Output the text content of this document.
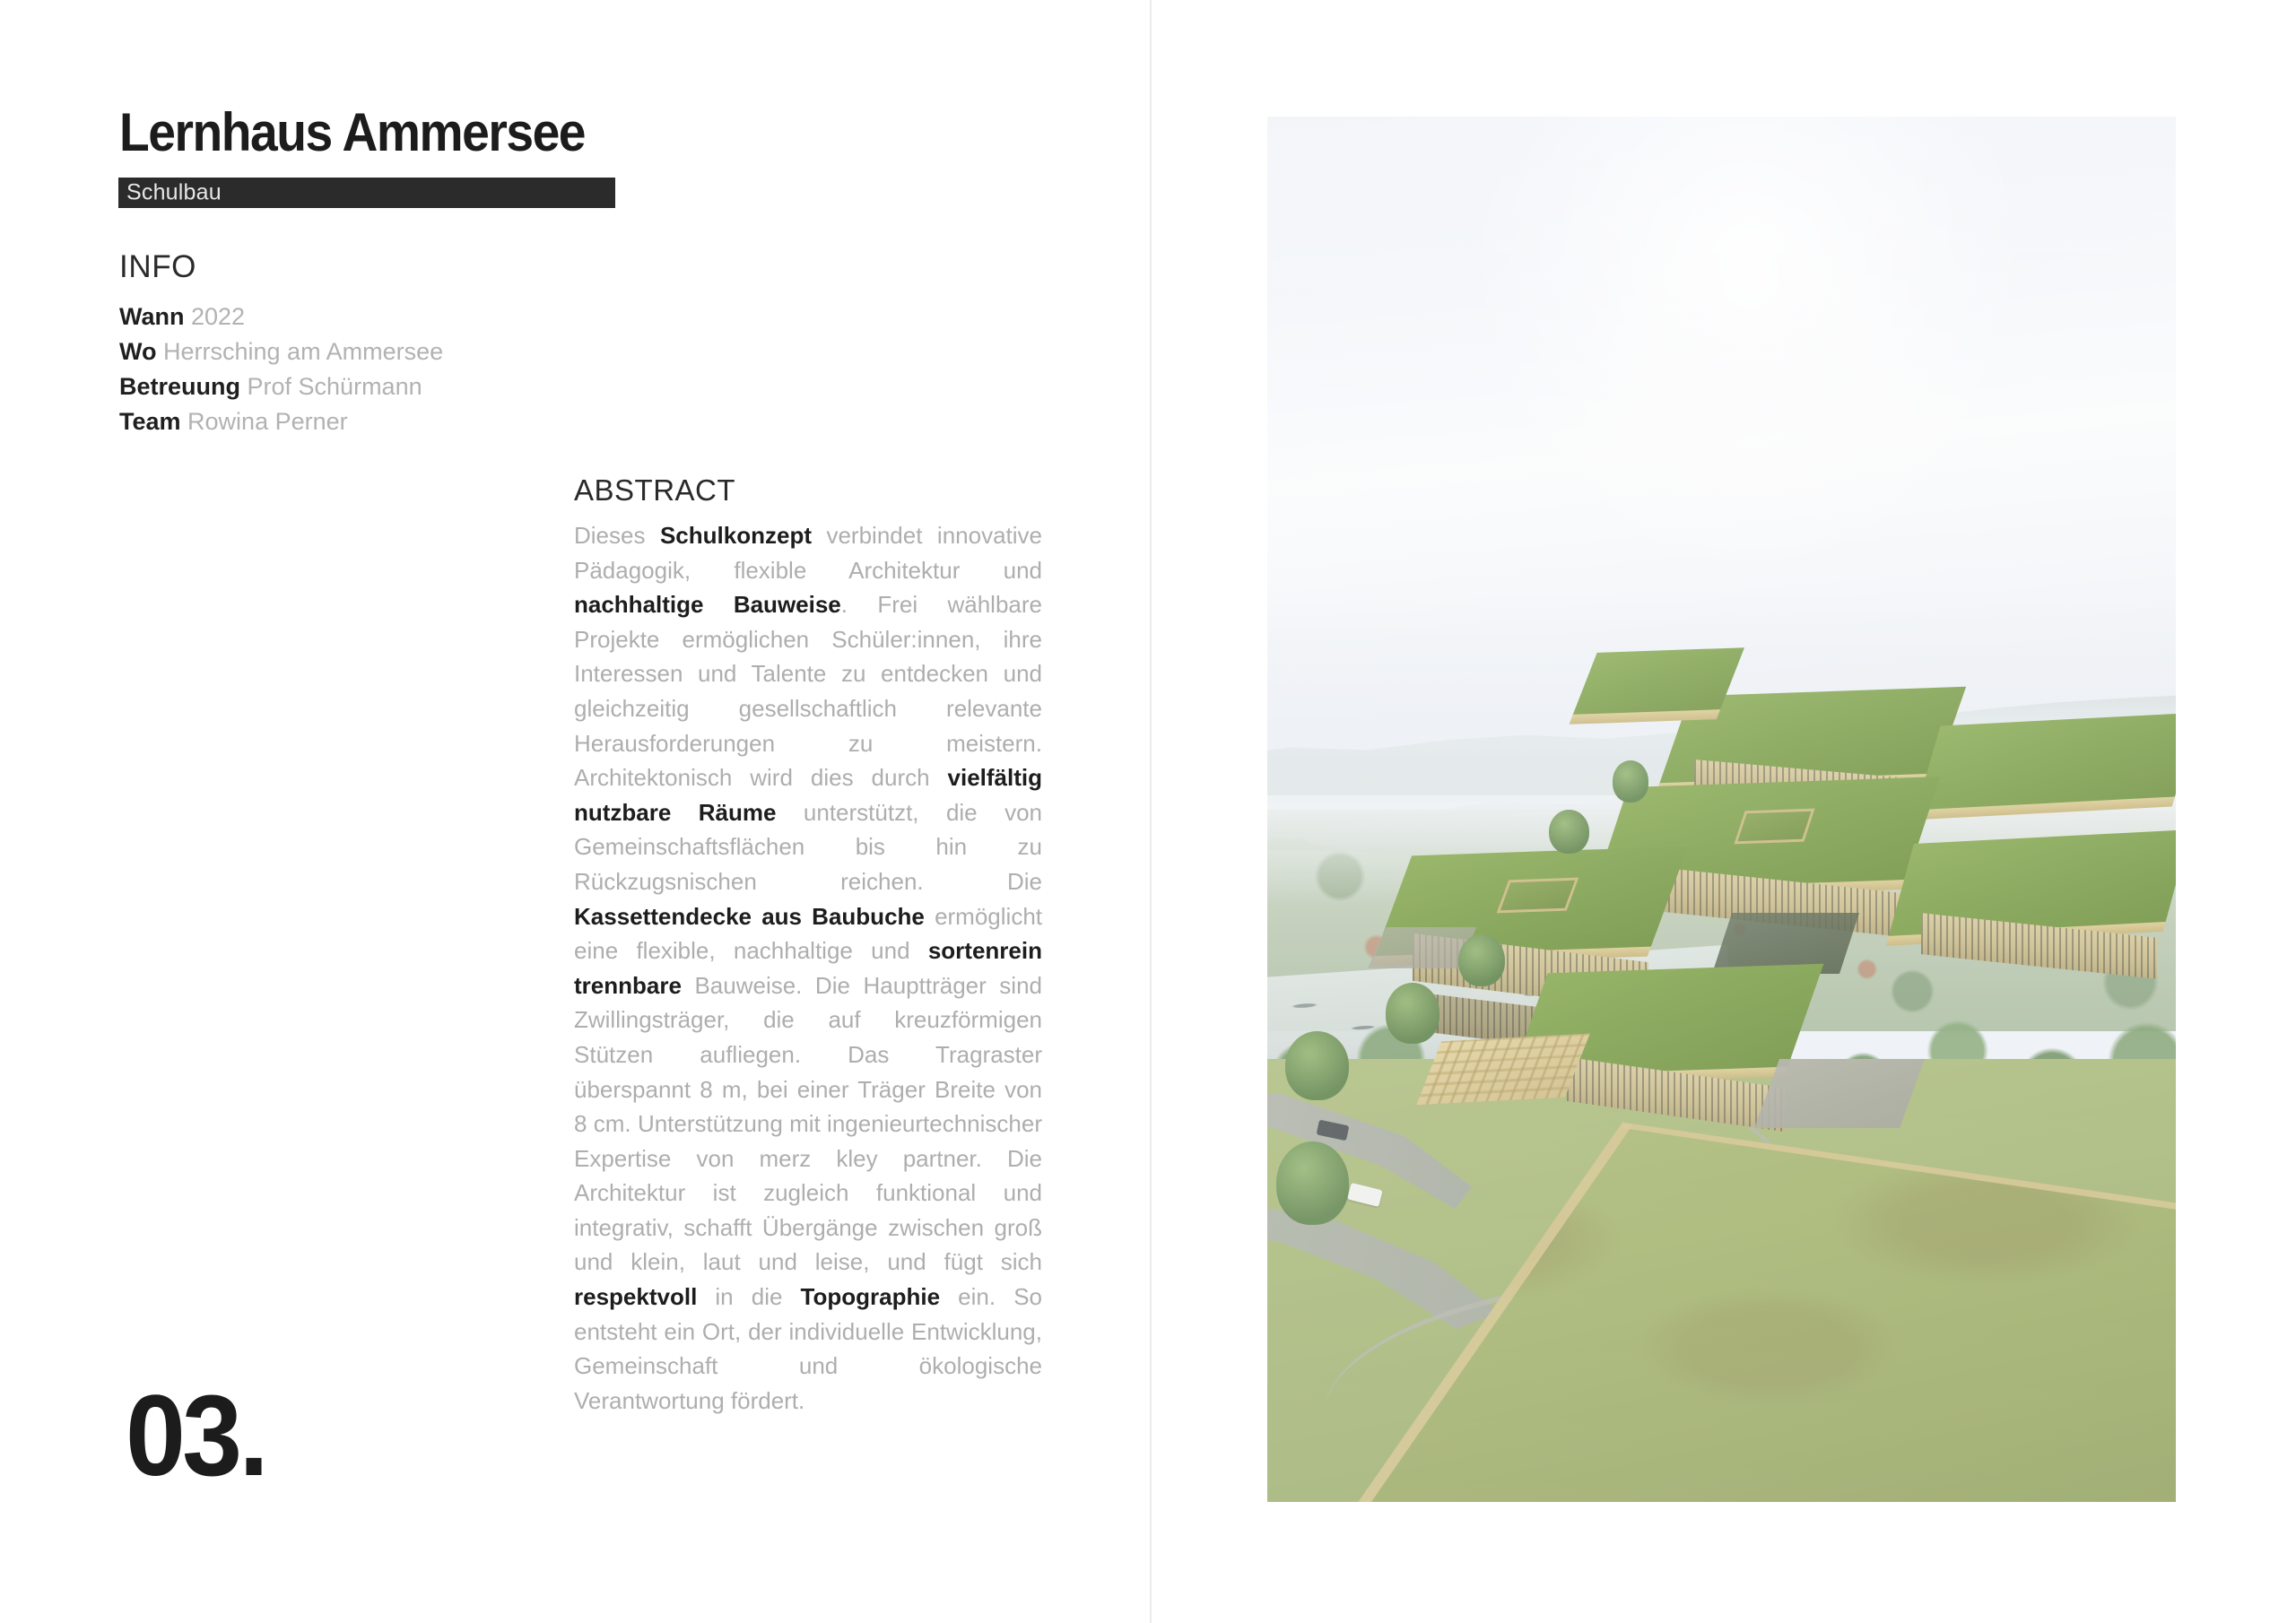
Lernhaus Ammersee
Schulbau
INFO
Wann 2022
Wo Herrsching am Ammersee
Betreuung Prof Schürmann
Team Rowina Perner
ABSTRACT
Dieses Schulkonzept verbindet innovative Pädagogik, flexible Architektur und nachhaltige Bauweise. Frei wählbare Projekte ermöglichen Schüler:innen, ihre Interessen und Talente zu entdecken und gleichzeitig gesellschaftlich relevante Herausforderungen zu meistern. Architektonisch wird dies durch vielfältig nutzbare Räume unterstützt, die von Gemeinschaftsflächen bis hin zu Rückzugsnischen reichen. Die Kassettendecke aus Baubuche ermöglicht eine flexible, nachhaltige und sortenrein trennbare Bauweise. Die Hauptträger sind Zwillingsträger, die auf kreuzförmigen Stützen aufliegen. Das Tragraster überspannt 8 m, bei einer Träger Breite von 8 cm. Unterstützung mit ingenieurtechnischer Expertise von merz kley partner. Die Architektur ist zugleich funktional und integrativ, schafft Übergänge zwischen groß und klein, laut und leise, und fügt sich respektvoll in die Topographie ein. So entsteht ein Ort, der individuelle Entwicklung, Gemeinschaft und ökologische Verantwortung fördert.
03.
